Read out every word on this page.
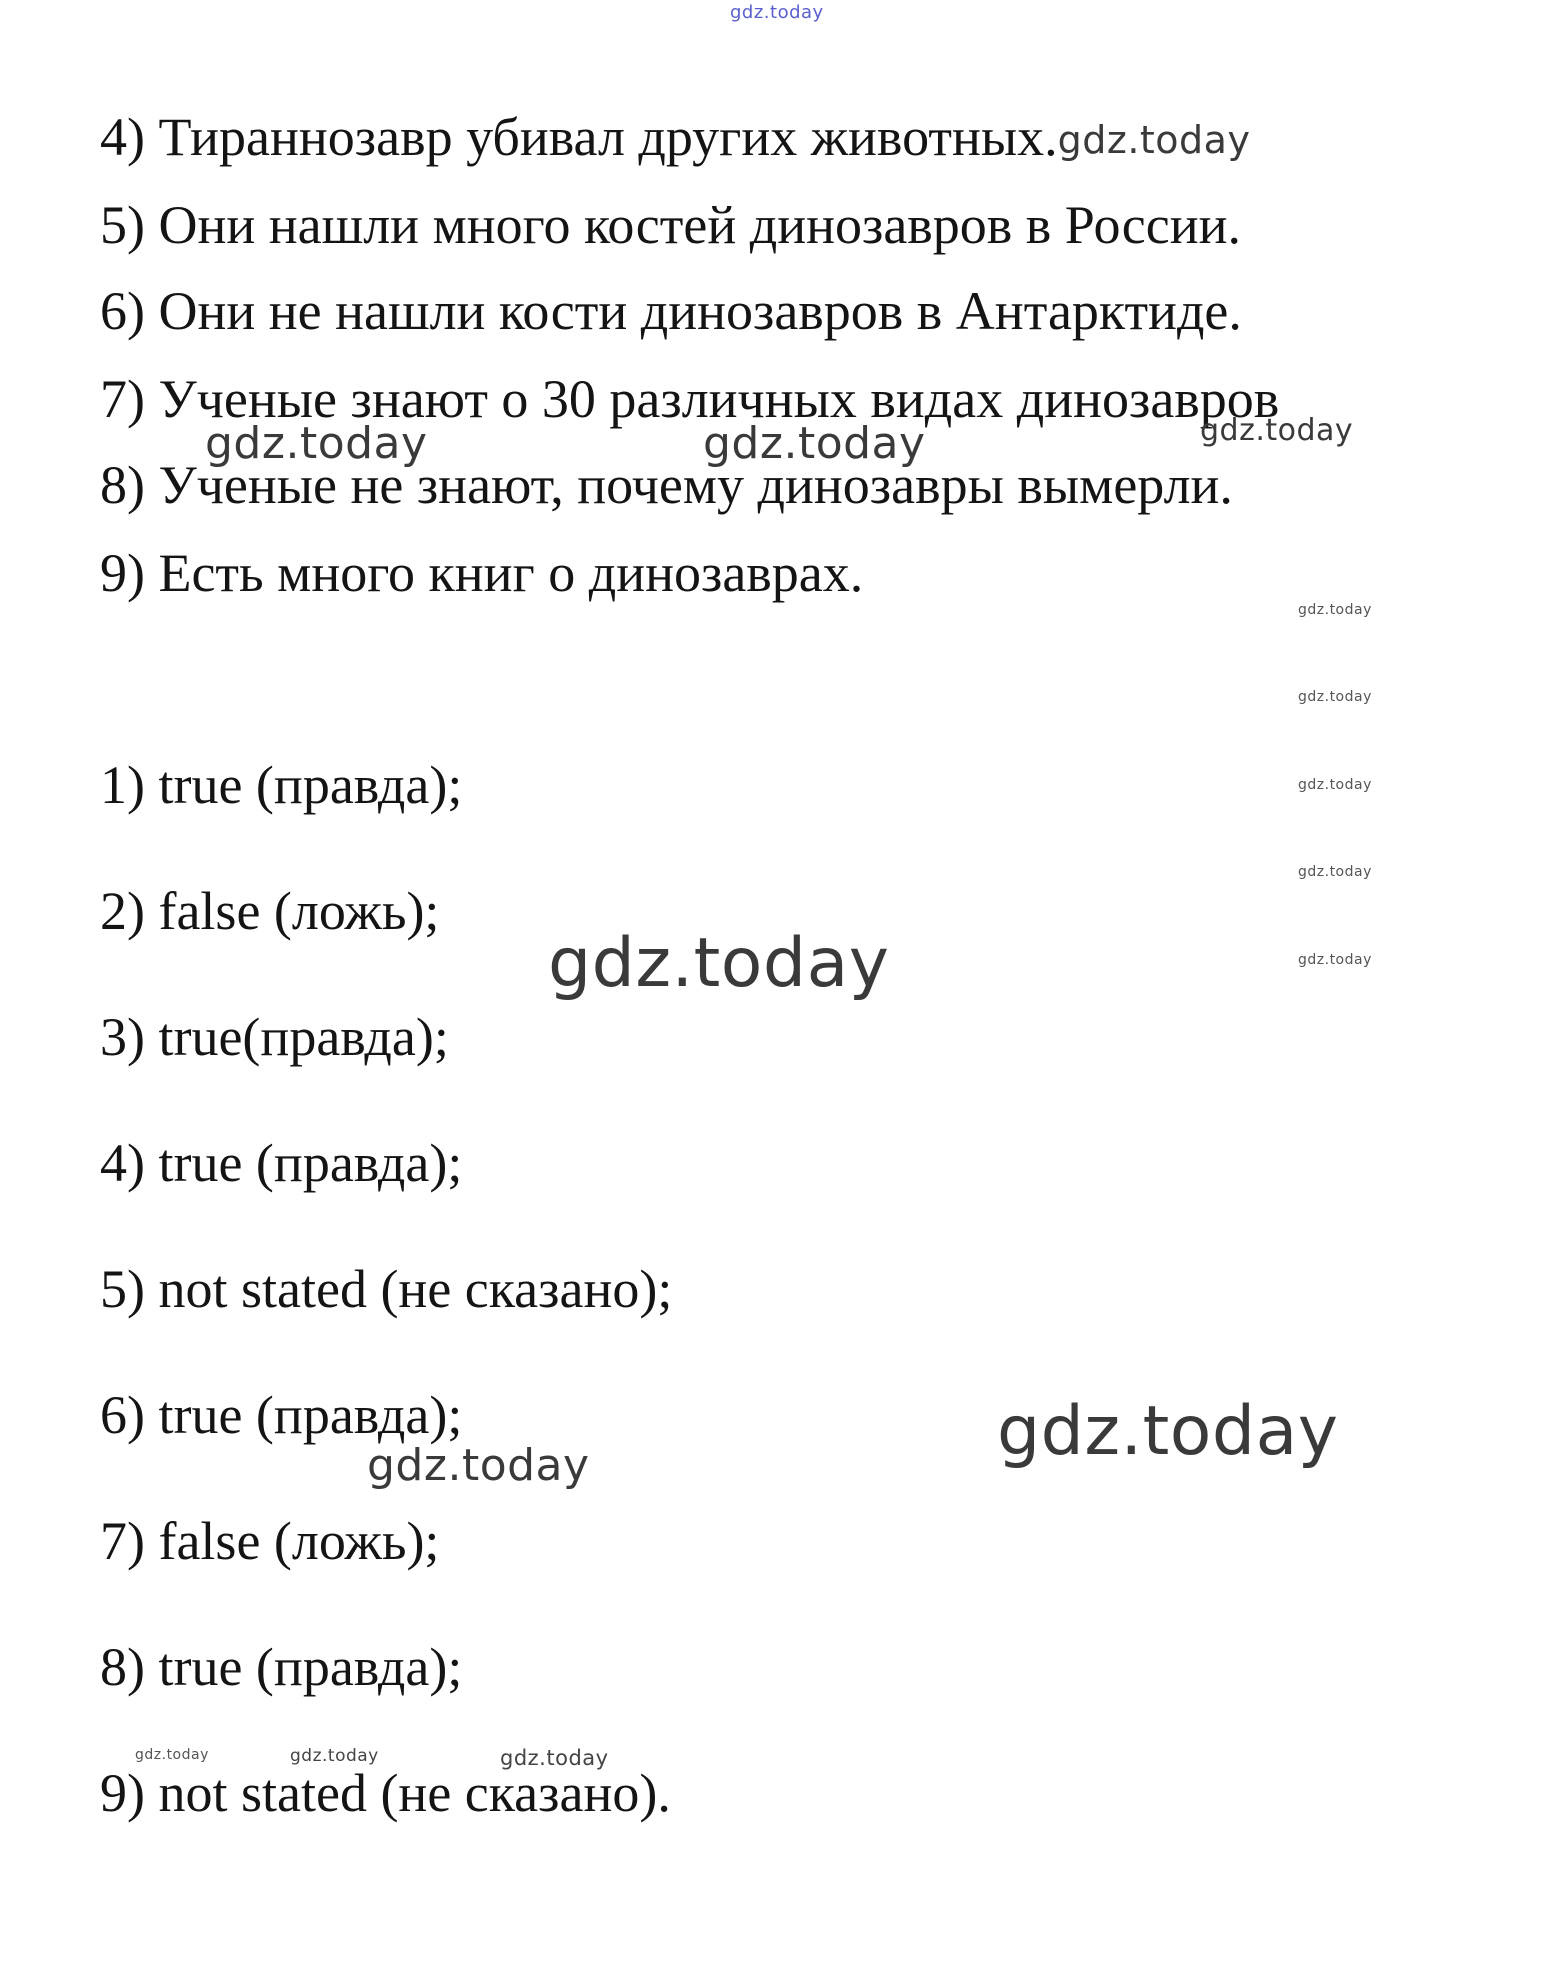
gdz.today
4) Тираннозавр убивал других животных.gdz.today
5) Они нашли много костей динозавров в России.
6) Они не нашли кости динозавров в Антарктиде.
7) Ученые знают о 30 различных видах динозавров
8) Ученые не знают, почему динозавры вымерли.
9) Есть много книг о динозаврах.
gdz.today	gdz.today	gdz.today
gdz.today
gdz.today
gdz.today
gdz.today
gdz.today
1) true (правда);
2) false (ложь);
3) true(правда);
4) true (правда);
5) not stated (не сказано);
6) true (правда);
7) false (ложь);
8) true (правда);
9) not stated (не сказано).
gdz.today
gdz.today
gdz.today
gdz.today	gdz.today	gdz.today
